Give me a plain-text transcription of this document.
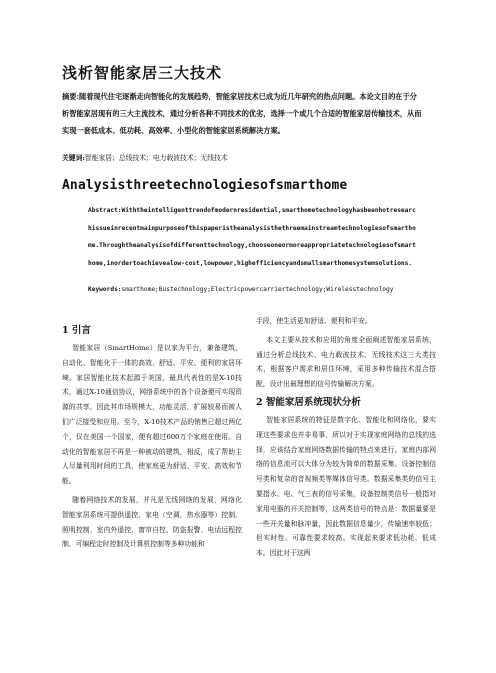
浅析智能家居三大技术
摘要:随着现代住宅逐渐走向智能化的发展趋势，智能家居技术已成为近几年研究的热点问题。本论文目的在于分析智能家居现有的三大主流技术，通过分析各种不同技术的优劣，选择一个或几个合适的智能家居传输技术，从而实现一套低成本、低功耗、高效率、小型化的智能家居系统解决方案。
关键词:智能家居；总线技术；电力载波技术；无线技术
Analysisthreetechnologiesofsmarthome
Abstract:Withtheintelligenttrendofmodernresidential,smarthometechnologyhasbeenhotresearchissueinrecentmainpurposeofthispaperistheanalysisthethreemainstreamtechnologiesofsmarthome.Throughtheanalysisofdifferenttechnology,chooseoneormoreappropriatetechnologiesofsmarthome,inordertoachievealow-cost,lowpower,highefficiencyandsmallsmarthomesystemsolutions.
Keywords:smarthome;Bustechnology;Electricpowercarriertechnology;Wirelesstechnology
1 引言
智能家居（SmartHome）是以家为平台，兼备建筑、自动化、智能化于一体的高效、舒适、平安、便利的家居环境。家居智能化技术起源于美国，最具代表性的是X-10技术，通过X-10通信协议，网络系统中的各个设备便可实现资源的共享，因此其市场规模大，功能灵活，扩展较易而被人们广泛接受和应用。至今，X-10技术产品的销售已超过两亿个，仅在美国一个国家，便有超过600万个家庭在使用。自动化的智能家居不再是一种被动的建筑，相反，成了帮助主人尽量利用时间的工具，使家庭更为舒适、平安、高效和节能。
随着网络技术的发展，并凡是无线网络的发展，网络化智能家居系统可提供遥控、家电（空调，热水器等）控制、照明控制、室内外遥控、窗帘自控、防盗报警、电话远程控制、可编程定时控制及计算机控制等多种功能和
手段，使生活更加舒适、便利和平安。
本文主要从技术和应用的角度全面阐述智能家居系统，通过分析总线技术、电力载波技术、无线技术这三大类技术，根据客户需求和居住环境，采用多种传输技术混合搭配，设计出最理想的信号传输解决方案。
2 智能家居系统现状分析
智能家居系统的特征是数字化、智能化和网络化，要实现这些要求也并非易事，所以对于实现家庭网络的总线的选择，应该结合家庭网络数据传输的特点来进行。家庭内部网络的信息流可以大体分为较为简单的数据采集、设备控制信号类和复杂的音视频类等媒体信号类。数据采集类的信号主要指水、电、气三表的信号采集，设备控制类信号一般指对家用电器的开关控制等，这两类信号的特点是：数据量要是一些开关量和脉冲量，因此数据信息量少，传输速率较低；但实时性、可靠性要求较高。实现起来要求低功耗、低成本。因此对于这两
